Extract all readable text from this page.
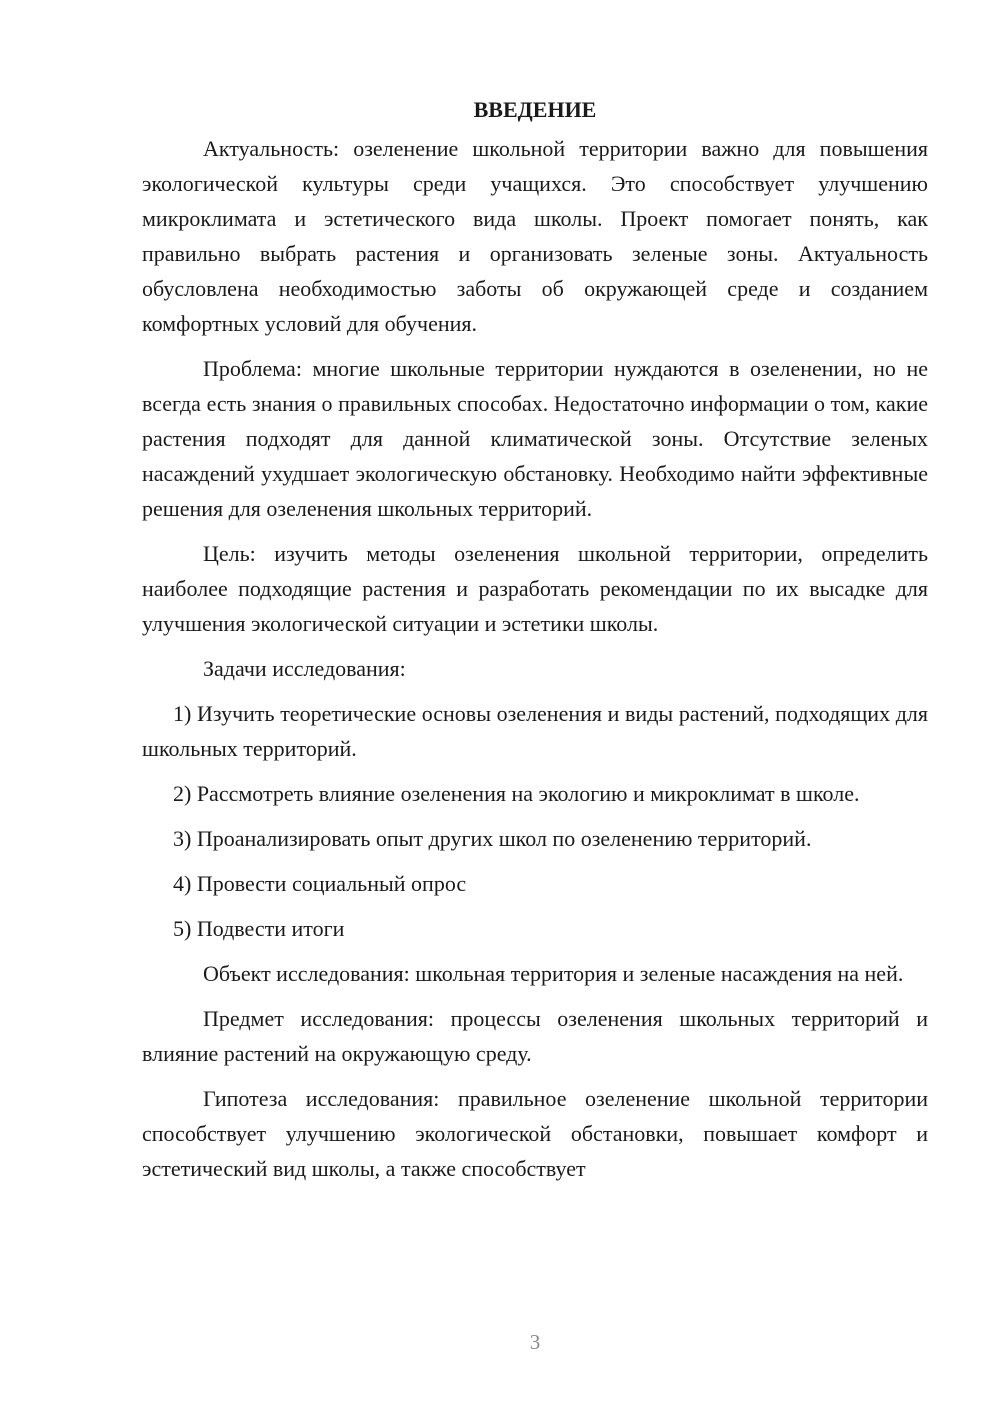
ВВЕДЕНИЕ

Актуальность: озеленение школьной территории важно для повышения экологической культуры среди учащихся. Это способствует улучшению микроклимата и эстетического вида школы. Проект помогает понять, как правильно выбрать растения и организовать зеленые зоны. Актуальность обусловлена необходимостью заботы об окружающей среде и созданием комфортных условий для обучения.

Проблема: многие школьные территории нуждаются в озеленении, но не всегда есть знания о правильных способах. Недостаточно информации о том, какие растения подходят для данной климатической зоны. Отсутствие зеленых насаждений ухудшает экологическую обстановку. Необходимо найти эффективные решения для озеленения школьных территорий.

Цель: изучить методы озеленения школьной территории, определить наиболее подходящие растения и разработать рекомендации по их высадке для улучшения экологической ситуации и эстетики школы.

Задачи исследования:

1) Изучить теоретические основы озеленения и виды растений, подходящих для школьных территорий.

2) Рассмотреть влияние озеленения на экологию и микроклимат в школе.

3) Проанализировать опыт других школ по озеленению территорий.

4) Провести социальный опрос

5) Подвести итоги

Объект исследования: школьная территория и зеленые насаждения на ней.

Предмет исследования: процессы озеленения школьных территорий и влияние растений на окружающую среду.

Гипотеза исследования: правильное озеленение школьной территории способствует улучшению экологической обстановки, повышает комфорт и эстетический вид школы, а также способствует

3
